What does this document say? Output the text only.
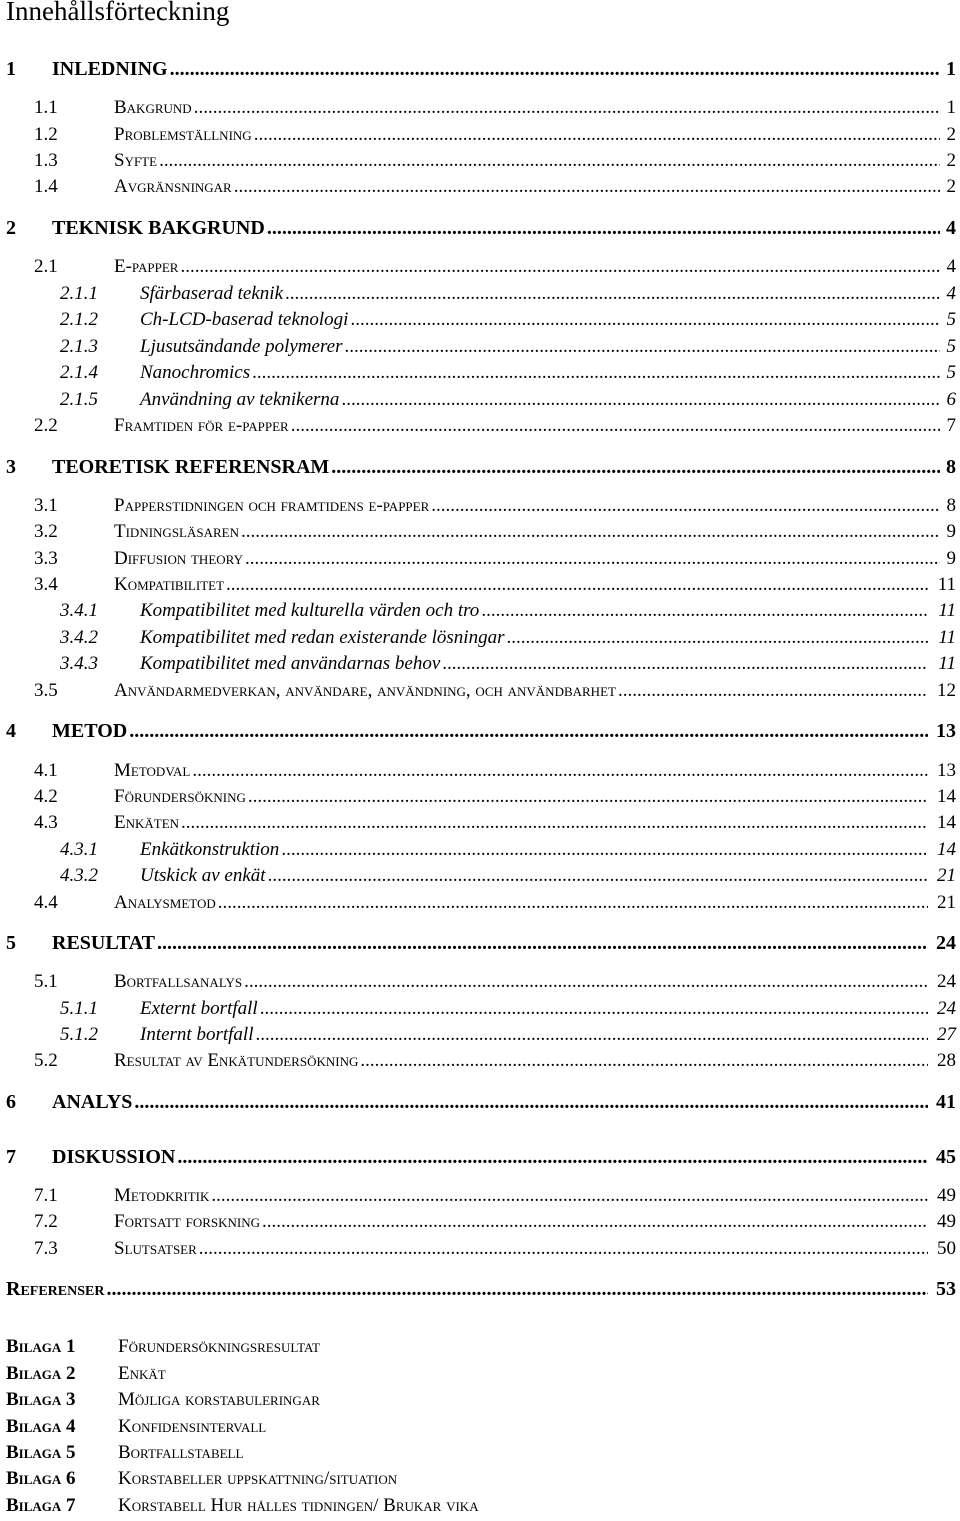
Innehållsförteckning
1 INLEDNING .....	1
1.1	Bakgrund .....	1
1.2	Problemställning .....	2
1.3	Syfte .....	2
1.4	Avgränsningar .....	2
2 TEKNISK BAKGRUND .....	4
2.1	E-papper .....	4
2.1.1 Sfärbaserad teknik .....	4
2.1.2 Ch-LCD-baserad teknologi .....	5
2.1.3 Ljusutsändande polymerer .....	5
2.1.4 Nanochromics .....	5
2.1.5 Användning av teknikerna .....	6
2.2	Framtiden för e-papper .....	7
3 TEORETISK REFERENSRAM .....	8
3.1	Papperstidningen och framtidens e-papper .....	8
3.2	Tidningsläsaren .....	9
3.3	Diffusion theory .....	9
3.4	Kompatibilitet .....	11
3.4.1 Kompatibilitet med kulturella värden och tro .....	11
3.4.2 Kompatibilitet med redan existerande lösningar .....	11
3.4.3 Kompatibilitet med användarnas behov .....	11
3.5	Användarmedverkan, användare, användning, och användbarhet .....	12
4 METOD .....	13
4.1	Metodval .....	13
4.2	Förundersökning .....	14
4.3	Enkäten .....	14
4.3.1 Enkätkonstruktion .....	14
4.3.2 Utskick av enkät .....	21
4.4	Analysmetod .....	21
5 RESULTAT .....	24
5.1	Bortfallsanalys .....	24
5.1.1 Externt bortfall .....	24
5.1.2 Internt bortfall .....	27
5.2	Resultat av Enkätundersökning .....	28
6 ANALYS .....	41
7 DISKUSSION .....	45
7.1	Metodkritik .....	49
7.2	Fortsatt forskning .....	49
7.3	Slutsatser .....	50
Referenser .....	53
Bilaga 1 Förundersökningsresultat
Bilaga 2 Enkät
Bilaga 3 Möjliga korstabuleringar
Bilaga 4 Konfidensintervall
Bilaga 5 Bortfallstabell
Bilaga 6 Korstabeller uppskattning/situation
Bilaga 7 Korstabell Hur hålles tidningen/ Brukar vika
